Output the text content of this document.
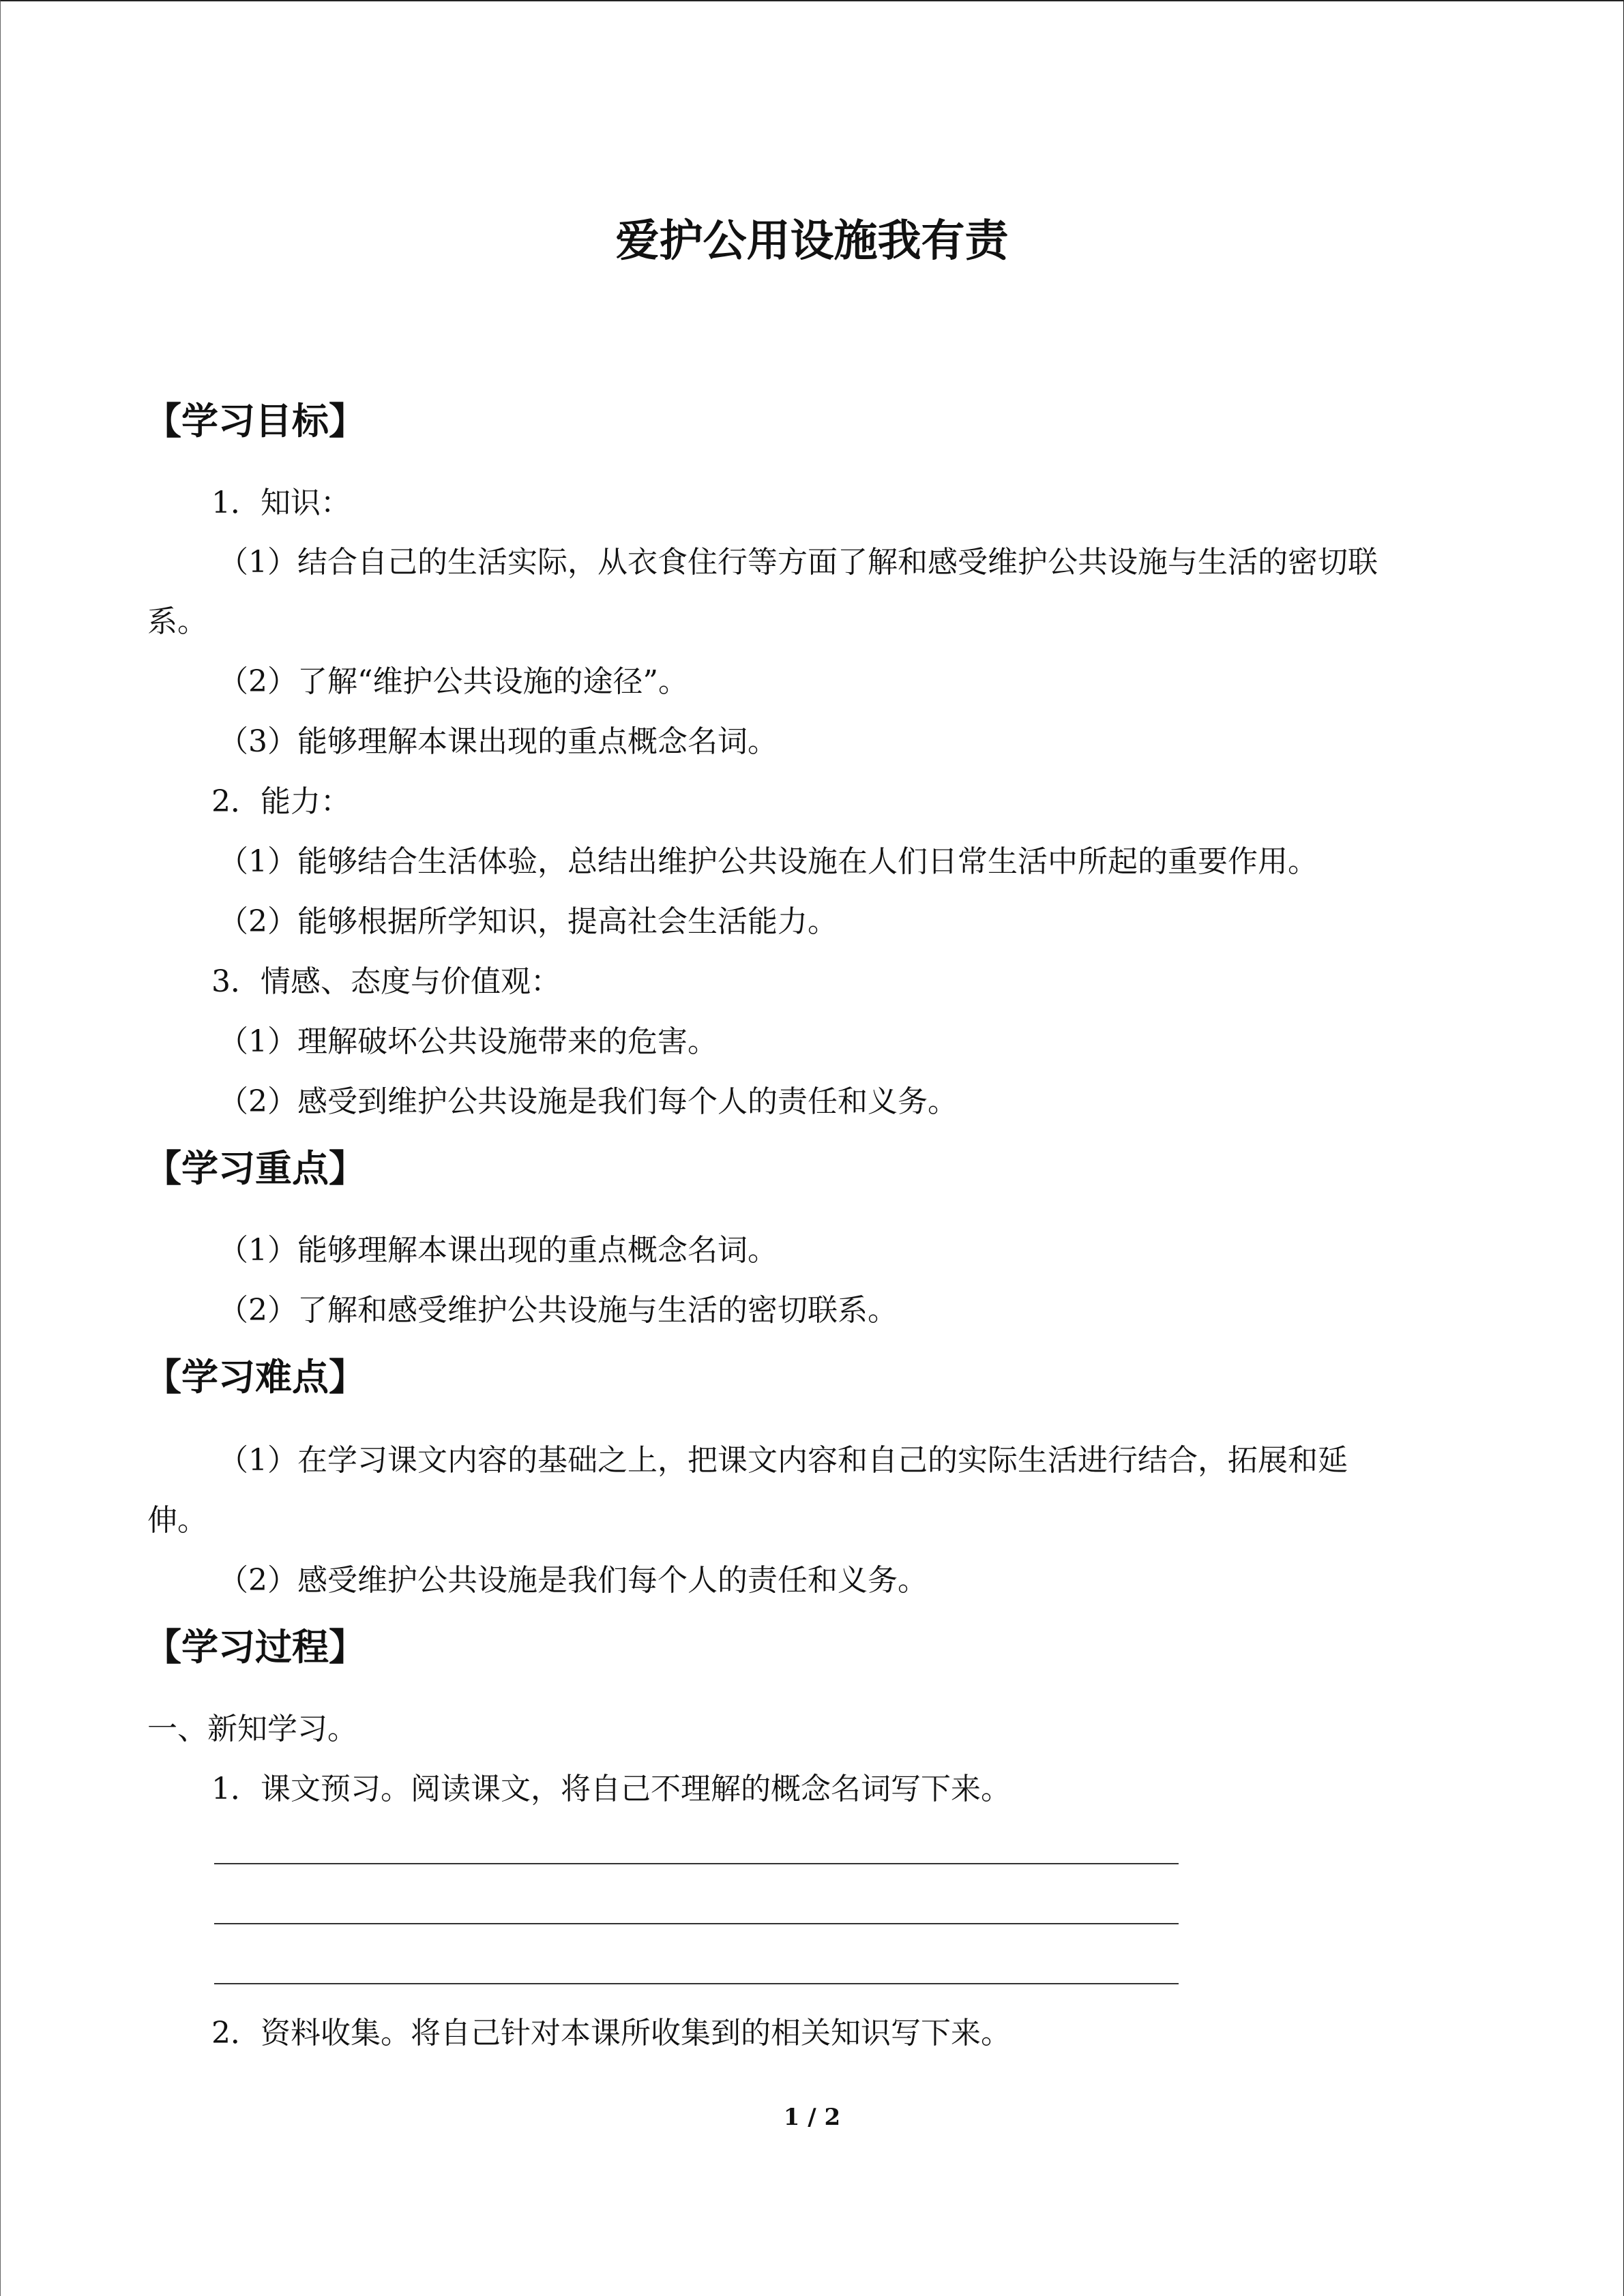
爱护公用设施我有责
【学习目标】
1．知识：
（1）结合自己的生活实际，从衣食住行等方面了解和感受维护公共设施与生活的密切联
系。
（2）了解“维护公共设施的途径”。
（3）能够理解本课出现的重点概念名词。
2．能力：
（1）能够结合生活体验，总结出维护公共设施在人们日常生活中所起的重要作用。
（2）能够根据所学知识，提高社会生活能力。
3．情感、态度与价值观：
（1）理解破坏公共设施带来的危害。
（2）感受到维护公共设施是我们每个人的责任和义务。
【学习重点】
（1）能够理解本课出现的重点概念名词。
（2）了解和感受维护公共设施与生活的密切联系。
【学习难点】
（1）在学习课文内容的基础之上，把课文内容和自己的实际生活进行结合，拓展和延
伸。
（2）感受维护公共设施是我们每个人的责任和义务。
【学习过程】
一、新知学习。
1．课文预习。阅读课文，将自己不理解的概念名词写下来。
2．资料收集。将自己针对本课所收集到的相关知识写下来。
1 / 2
